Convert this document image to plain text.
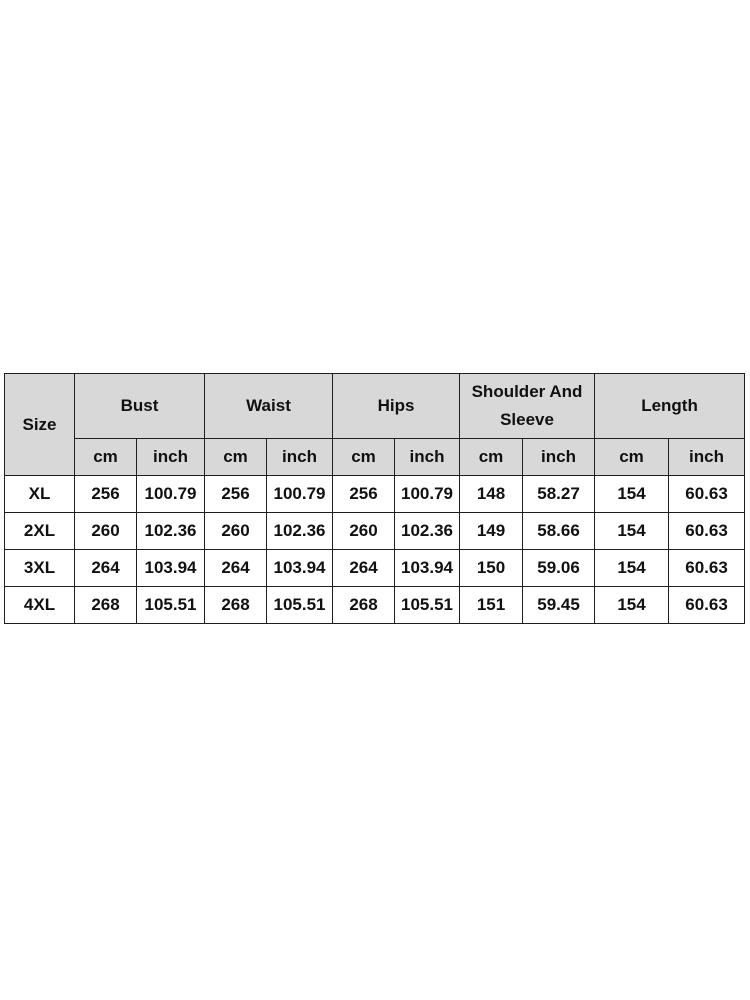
Size	Bust		Waist		Hips		Shoulder And Sleeve		Length	
	cm	inch	cm	inch	cm	inch	cm	inch	cm	inch
XL	256	100.79	256	100.79	256	100.79	148	58.27	154	60.63
2XL	260	102.36	260	102.36	260	102.36	149	58.66	154	60.63
3XL	264	103.94	264	103.94	264	103.94	150	59.06	154	60.63
4XL	268	105.51	268	105.51	268	105.51	151	59.45	154	60.63
